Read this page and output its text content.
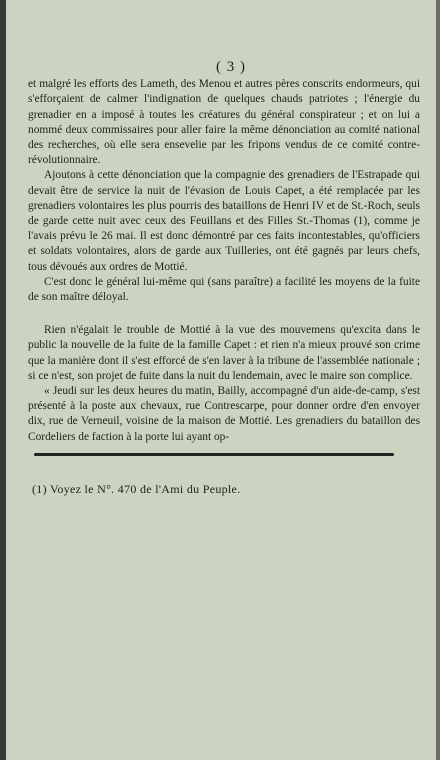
( 3 )

et malgré les efforts des Lameth, des Menou et autres pères conscrits endormeurs, qui s'efforçaient de calmer l'indignation de quelques chauds patriotes ; l'énergie du grenadier en a imposé à toutes les créatures du général conspirateur ; et on lui a nommé deux commissaires pour aller faire la même dénonciation au comité national des recherches, où elle sera ensevelie par les fripons vendus de ce comité contre-révolutionnaire.

Ajoutons à cette dénonciation que la compagnie des grenadiers de l'Estrapade qui devait être de service la nuit de l'évasion de Louis Capet, a été remplacée par les grenadiers volontaires les plus pourris des bataillons de Henri IV et de St.-Roch, seuls de garde cette nuit avec ceux des Feuillans et des Filles St.-Thomas (1), comme je l'avais prévu le 26 mai. Il est donc démontré par ces faits incontestables, qu'officiers et soldats volontaires, alors de garde aux Tuilleries, ont été gagnés par leurs chefs, tous dévoués aux ordres de Mottié.

C'est donc le général lui-même qui (sans paraître) a facilité les moyens de la fuite de son maître déloyal.

Rien n'égalait le trouble de Mottié à la vue des mouvemens qu'excita dans le public la nouvelle de la fuite de la famille Capet : et rien n'a mieux prouvé son crime que la manière dont il s'est efforcé de s'en laver à la tribune de l'assemblée nationale ; si ce n'est, son projet de fuite dans la nuit du lendemain, avec le maire son complice.

« Jeudi sur les deux heures du matin, Bailly, accompagné d'un aide-de-camp, s'est présenté à la poste aux chevaux, rue Contrescarpe, pour donner ordre d'en envoyer dix, rue de Verneuil, voisine de la maison de Mottié. Les grenadiers du bataillon des Cordeliers de faction à la porte lui ayant op-

(1) Voyez le N°. 470 de l'Ami du Peuple.
